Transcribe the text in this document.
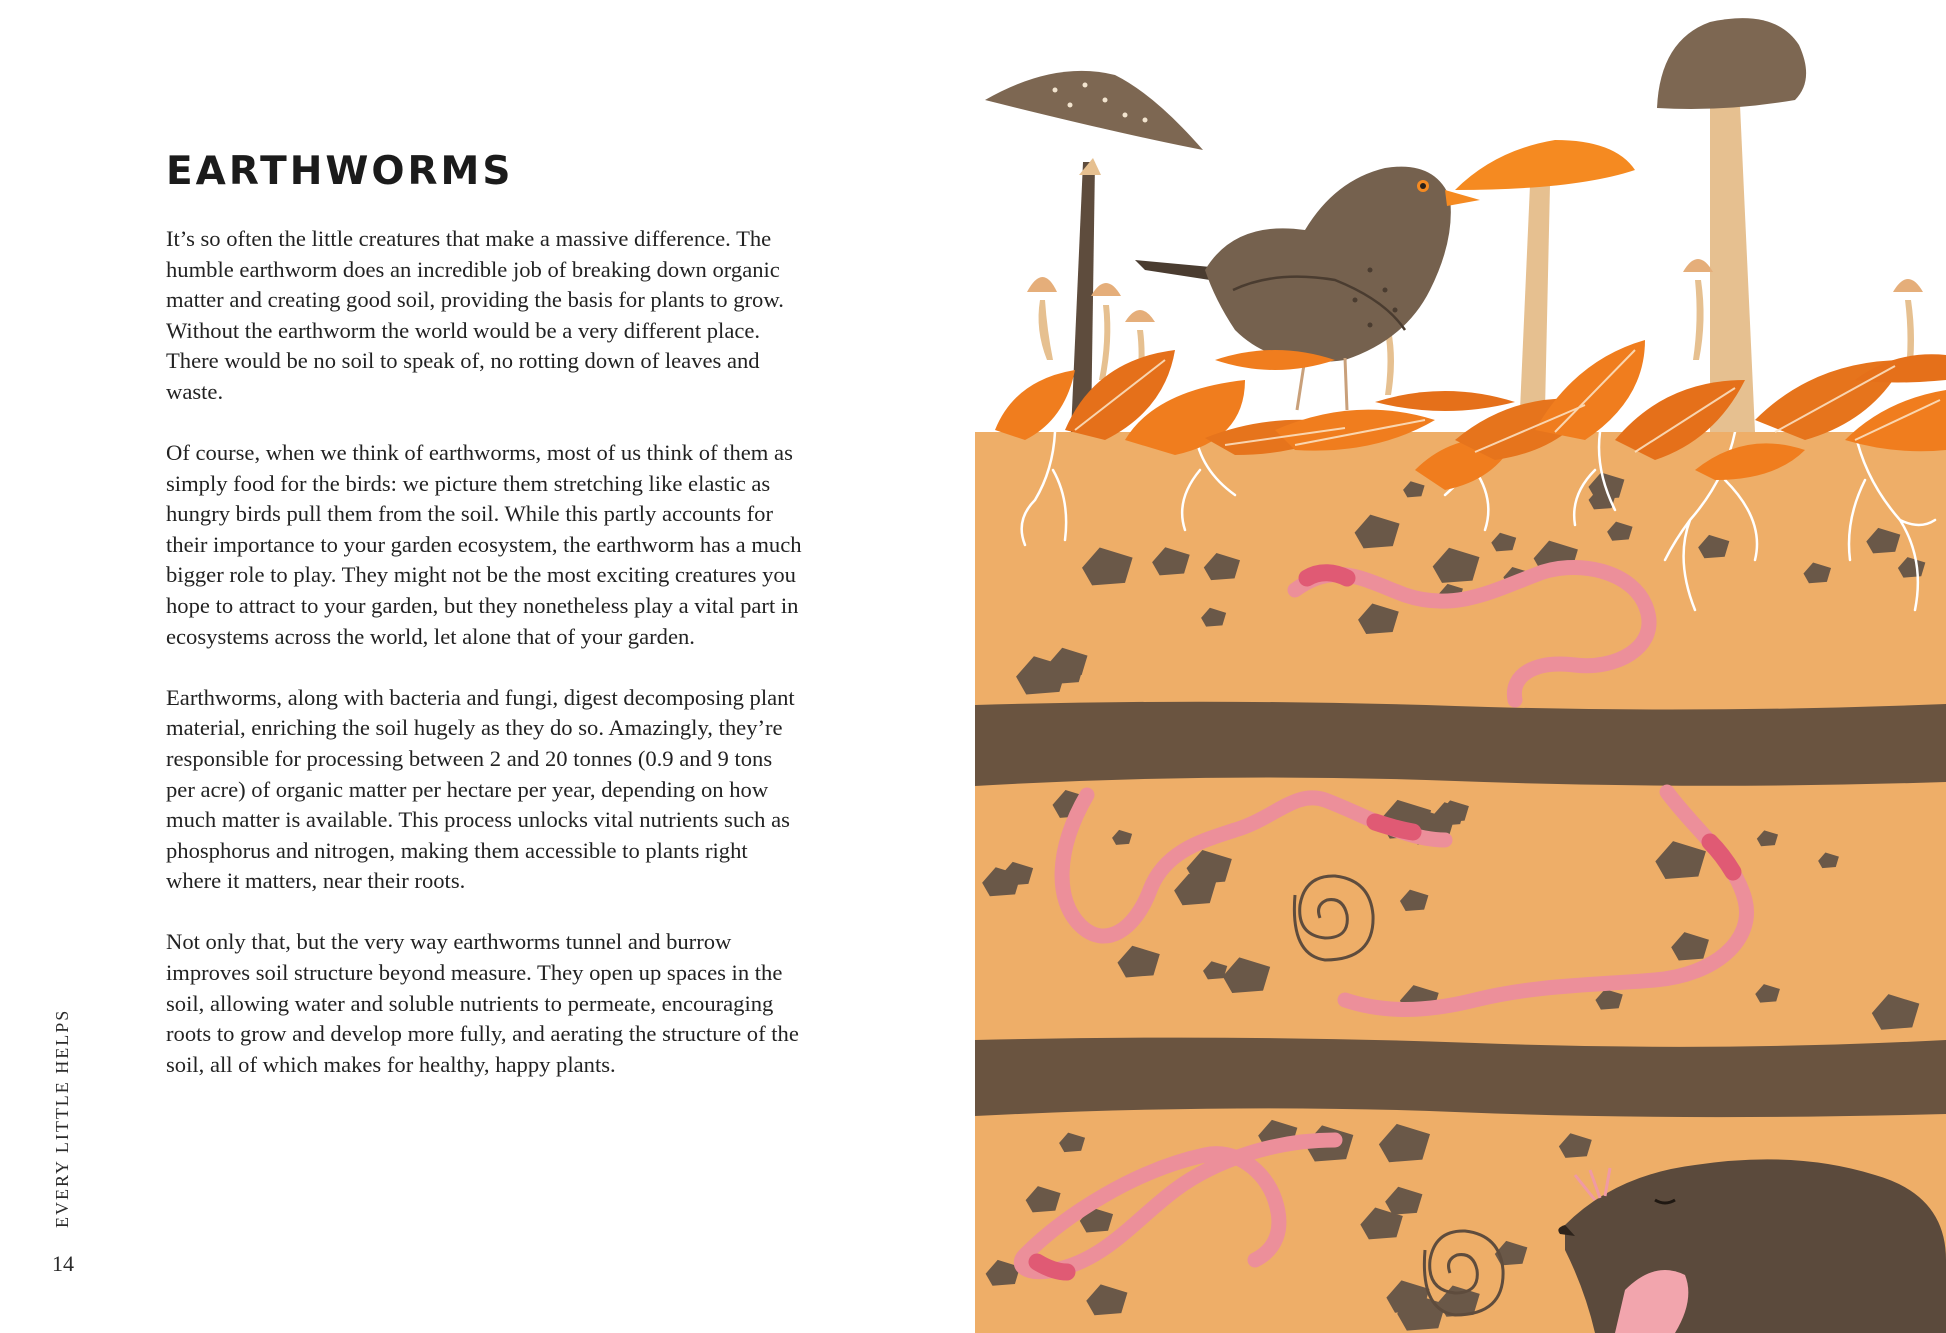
EARTHWORMS

It’s so often the little creatures that make a massive difference. The humble earthworm does an incredible job of breaking down organic matter and creating good soil, providing the basis for plants to grow. Without the earthworm the world would be a very different place. There would be no soil to speak of, no rotting down of leaves and waste.

Of course, when we think of earthworms, most of us think of them as simply food for the birds: we picture them stretching like elastic as hungry birds pull them from the soil. While this partly accounts for their importance to your garden ecosystem, the earthworm has a much bigger role to play. They might not be the most exciting creatures you hope to attract to your garden, but they nonetheless play a vital part in ecosystems across the world, let alone that of your garden.

Earthworms, along with bacteria and fungi, digest decomposing plant material, enriching the soil hugely as they do so. Amazingly, they’re responsible for processing between 2 and 20 tonnes (0.9 and 9 tons per acre) of organic matter per hectare per year, depending on how much matter is available. This process unlocks vital nutrients such as phosphorus and nitrogen, making them accessible to plants right where it matters, near their roots.

Not only that, but the very way earthworms tunnel and burrow improves soil structure beyond measure. They open up spaces in the soil, allowing water and soluble nutrients to permeate, encouraging roots to grow and develop more fully, and aerating the structure of the soil, all of which makes for healthy, happy plants.

EVERY LITTLE HELPS
14
